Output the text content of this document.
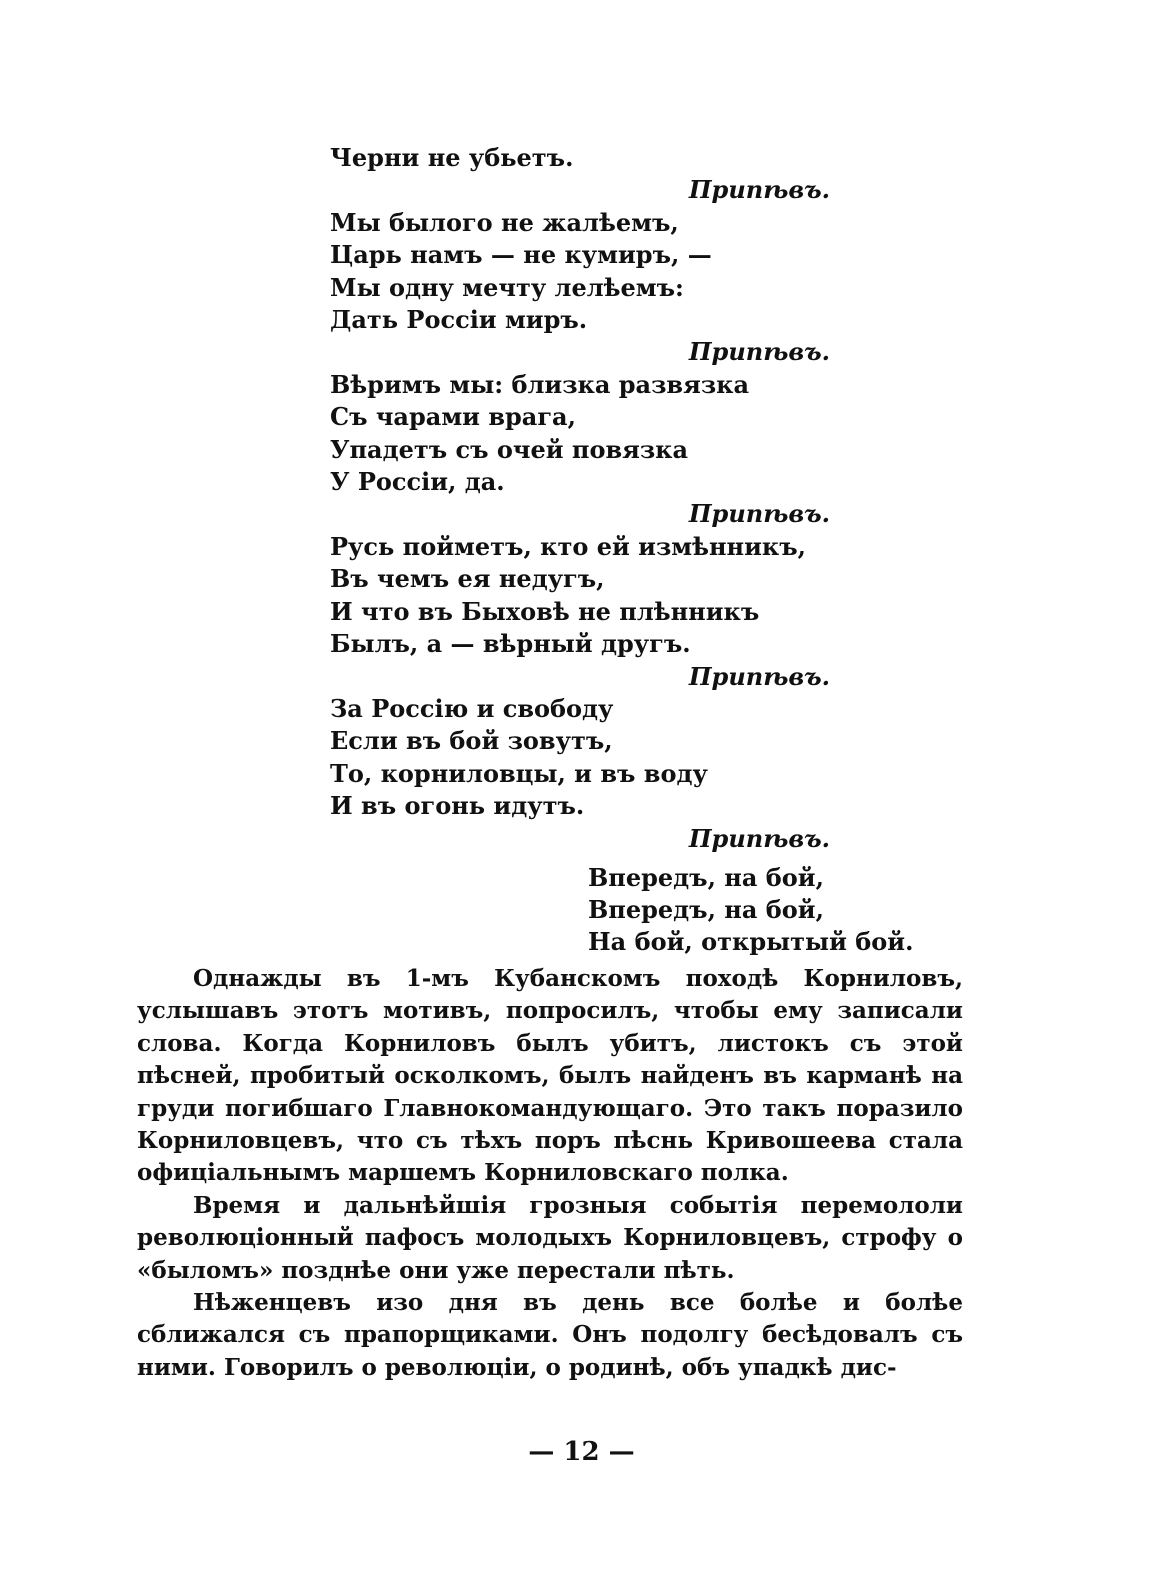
Черни не убьетъ.
Припѣвъ.
Мы былого не жалѣемъ,
Царь намъ — не кумиръ, —
Мы одну мечту лелѣемъ:
Дать Россіи миръ.
Припѣвъ.
Вѣримъ мы: близка развязка
Съ чарами врага,
Упадетъ съ очей повязка
У Россіи, да.
Припѣвъ.
Русь пойметъ, кто ей измѣнникъ,
Въ чемъ ея недугъ,
И что въ Быховѣ не плѣнникъ
Былъ, а — вѣрный другъ.
Припѣвъ.
За Россію и свободу
Если въ бой зовутъ,
То, корниловцы, и въ воду
И въ огонь идутъ.
Припѣвъ.
Впередъ, на бой,
Впередъ, на бой,
На бой, открытый бой.

Однажды въ 1-мъ Кубанскомъ походѣ Корниловъ, услышавъ этотъ мотивъ, попросилъ, чтобы ему записали слова. Когда Корниловъ былъ убитъ, листокъ съ этой пѣсней, пробитый осколкомъ, былъ найденъ въ карманѣ на груди погибшаго Главнокомандующаго. Это такъ поразило Корниловцевъ, что съ тѣхъ поръ пѣснь Кривошеева стала офиціальнымъ маршемъ Корниловскаго полка.

Время и дальнѣйшія грозныя событія перемололи революціонный пафосъ молодыхъ Корниловцевъ, строфу о «быломъ» позднѣе они уже перестали пѣть.

Нѣженцевъ изо дня въ день все болѣе и болѣе сближался съ прапорщиками. Онъ подолгу бесѣдовалъ съ ними. Говорилъ о революціи, о родинѣ, объ упадкѣ дис-

— 12 —
